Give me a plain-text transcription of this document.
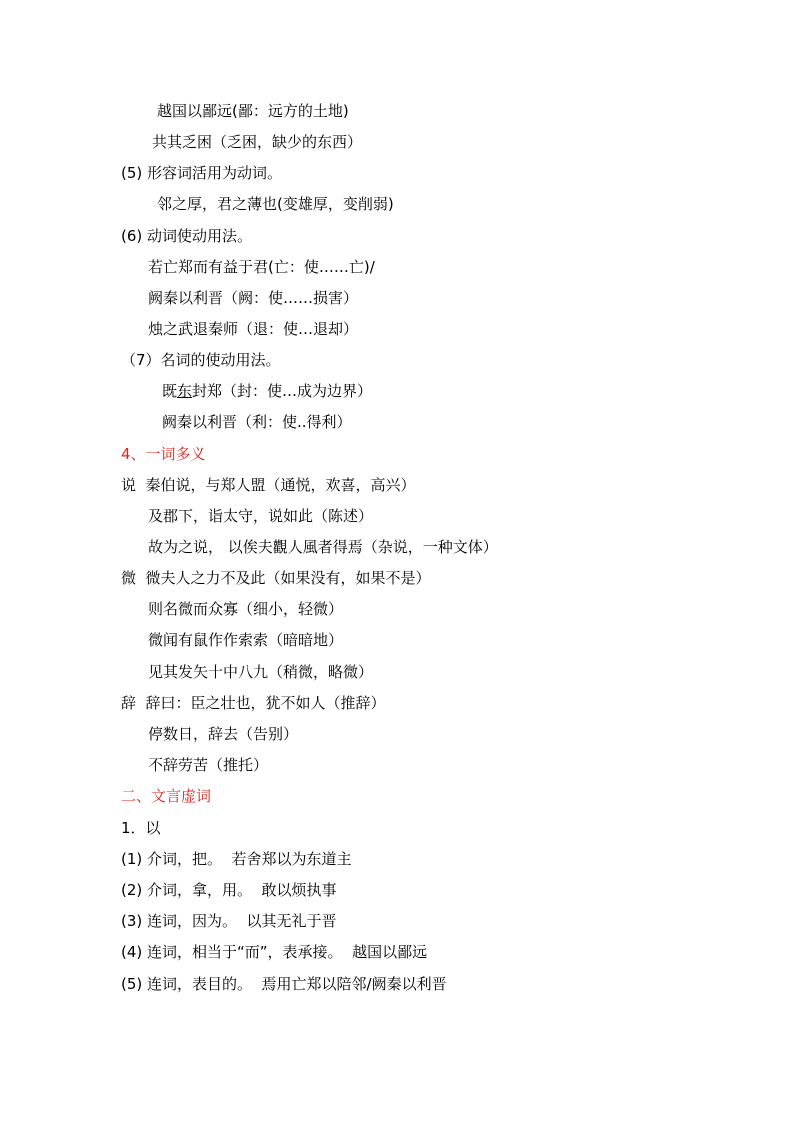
越国以鄙远(鄙：远方的土地)
共其乏困（乏困，缺少的东西）
(5) 形容词活用为动词。
邻之厚，君之薄也(变雄厚，变削弱)
(6) 动词使动用法。
若亡郑而有益于君(亡：使……亡)/
阙秦以利晋（阙：使……损害）
烛之武退秦师（退：使…退却）
（7）名词的使动用法。
既东封郑（封：使…成为边界）
阙秦以利晋（利：使..得利）
4、一词多义
说  秦伯说，与郑人盟（通悦，欢喜，高兴）
及郡下，诣太守，说如此（陈述）
故为之说， 以俟夫觀人風者得焉（杂说，一种文体）
微  微夫人之力不及此（如果没有，如果不是）
则名微而众寡（细小，轻微）
微闻有鼠作作索索（暗暗地）
见其发矢十中八九（稍微，略微）
辞  辞曰：臣之壮也，犹不如人（推辞）
停数日，辞去（告别）
不辞劳苦（推托）
二、文言虚词
1．以
(1) 介词，把。  若舍郑以为东道主
(2) 介词，拿，用。  敢以烦执事
(3) 连词，因为。  以其无礼于晋
(4) 连词，相当于“而”，表承接。  越国以鄙远
(5) 连词，表目的。  焉用亡郑以陪邻/阙秦以利晋
